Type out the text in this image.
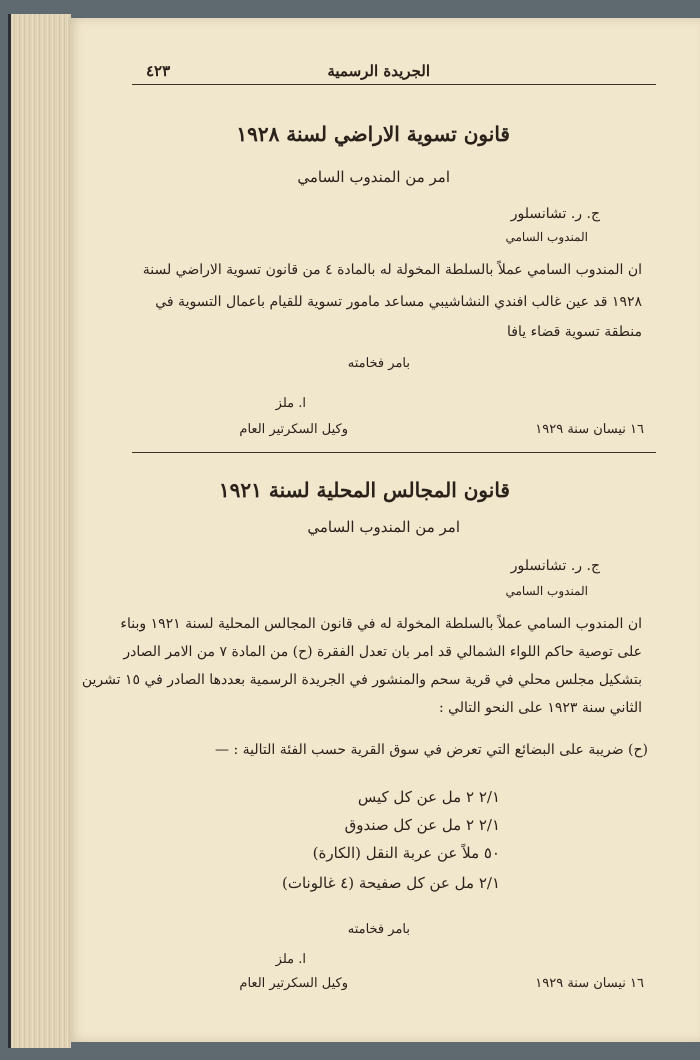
الجريدة الرسمية
٤٢٣
قانون تسوية الاراضي لسنة ١٩٢٨
امر من المندوب السامي
ج. ر. تشانسلور
المندوب السامي
ان المندوب السامي عملاً بالسلطة المخولة له بالمادة ٤ من قانون تسوية الاراضي لسنة
١٩٢٨ قد عين غالب افندي النشاشيبي مساعد مامور تسوية للقيام باعمال التسوية في
منطقة تسوية قضاء يافا
بامر فخامته
ا. ملز
وكيل السكرتير العام	١٦ نيسان سنة ١٩٢٩
قانون المجالس المحلية لسنة ١٩٢١
امر من المندوب السامي
ج. ر. تشانسلور
المندوب السامي
ان المندوب السامي عملاً بالسلطة المخولة له في قانون المجالس المحلية لسنة ١٩٢١ وبناء
على توصية حاكم اللواء الشمالي قد امر بان تعدل الفقرة (ح) من المادة ٧ من الامر الصادر
بتشكيل مجلس محلي في قرية سحم والمنشور في الجريدة الرسمية بعددها الصادر في ١٥ تشرين
الثاني سنة ١٩٢٣ على النحو التالي :
(ح) ضريبة على البضائع التي تعرض في سوق القرية حسب الفئة التالية : —
٢/١ ٢ مل عن كل كيس
٢/١ ٢ مل عن كل صندوق
٥٠ ملاً عن عربة النقل (الكارة)
٢/١ مل عن كل صفيحة (٤ غالونات)
بامر فخامته
ا. ملز
وكيل السكرتير العام	١٦ نيسان سنة ١٩٢٩
